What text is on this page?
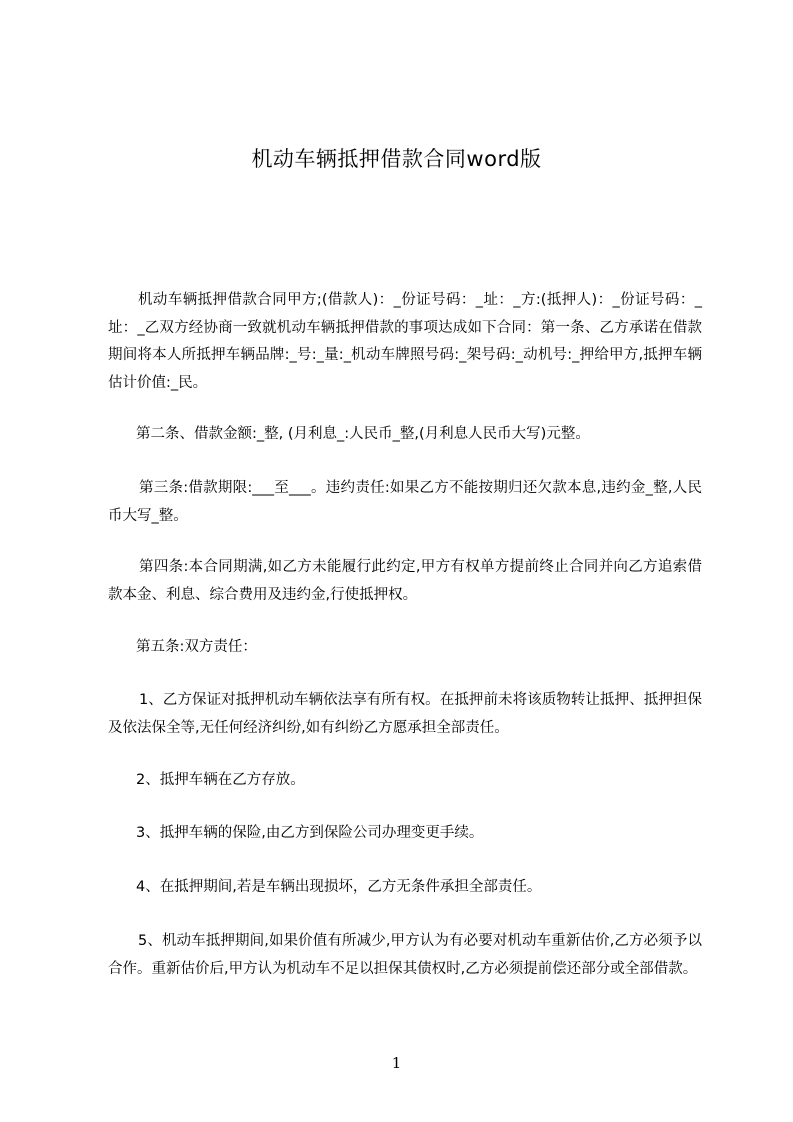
机动车辆抵押借款合同word版
机动车辆抵押借款合同甲方;(借款人)：_份证号码：_址：_方:(抵押人)：_份证号码：_址：_乙双方经协商一致就机动车辆抵押借款的事项达成如下合同：第一条、乙方承诺在借款期间将本人所抵押车辆品牌:_号:_量:_机动车牌照号码:_架号码:_动机号:_押给甲方,抵押车辆估计价值:_民。
第二条、借款金额:_整, (月利息_:人民币_整,(月利息人民币大写)元整。
第三条:借款期限:___至___。违约责任:如果乙方不能按期归还欠款本息,违约金_整,人民币大写_整。
第四条:本合同期满,如乙方未能履行此约定,甲方有权单方提前终止合同并向乙方追索借款本金、利息、综合费用及违约金,行使抵押权。
第五条:双方责任：
1、乙方保证对抵押机动车辆依法享有所有权。在抵押前未将该质物转让抵押、抵押担保及依法保全等,无任何经济纠纷,如有纠纷乙方愿承担全部责任。
2、抵押车辆在乙方存放。
3、抵押车辆的保险,由乙方到保险公司办理变更手续。
4、在抵押期间,若是车辆出现损坏，乙方无条件承担全部责任。
5、机动车抵押期间,如果价值有所减少,甲方认为有必要对机动车重新估价,乙方必须予以合作。重新估价后,甲方认为机动车不足以担保其债权时,乙方必须提前偿还部分或全部借款。
1
